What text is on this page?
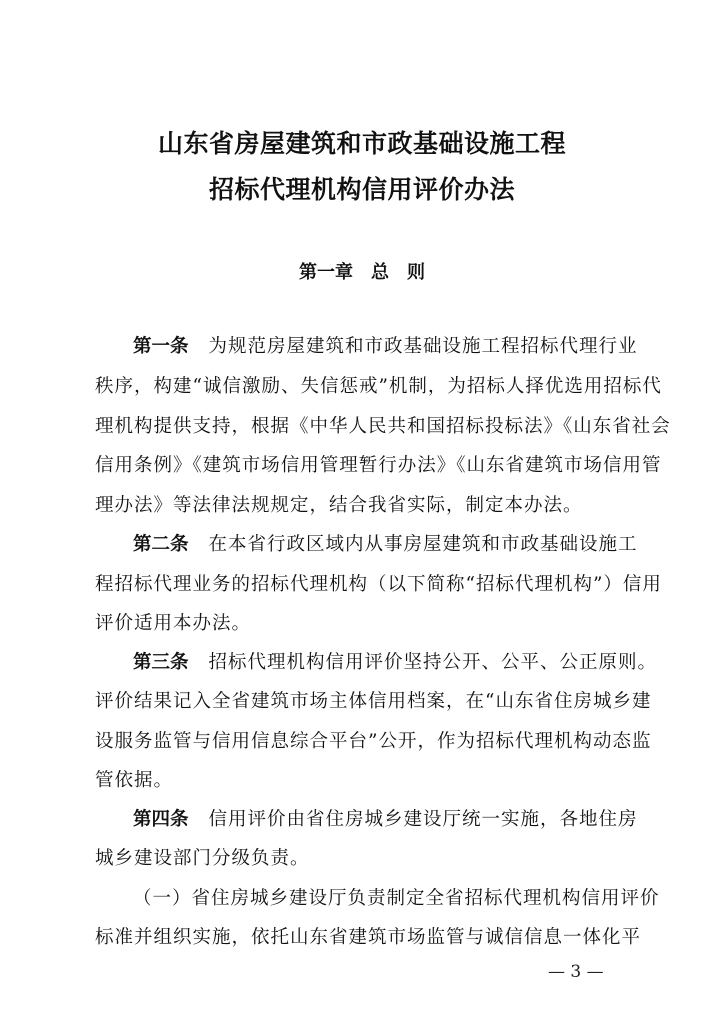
山东省房屋建筑和市政基础设施工程
招标代理机构信用评价办法
第一章　总　则
第一条 为规范房屋建筑和市政基础设施工程招标代理行业
秩序，构建“诚信激励、失信惩戒”机制，为招标人择优选用招标代
理机构提供支持，根据《中华人民共和国招标投标法》《山东省社会
信用条例》《建筑市场信用管理暂行办法》《山东省建筑市场信用管
理办法》等法律法规规定，结合我省实际，制定本办法。
第二条 在本省行政区域内从事房屋建筑和市政基础设施工
程招标代理业务的招标代理机构（以下简称“招标代理机构”）信用
评价适用本办法。
第三条 招标代理机构信用评价坚持公开、公平、公正原则。
评价结果记入全省建筑市场主体信用档案，在“山东省住房城乡建
设服务监管与信用信息综合平台”公开，作为招标代理机构动态监
管依据。
第四条 信用评价由省住房城乡建设厅统一实施，各地住房
城乡建设部门分级负责。
（一）省住房城乡建设厅负责制定全省招标代理机构信用评价
标准并组织实施，依托山东省建筑市场监管与诚信信息一体化平
— 3 —
